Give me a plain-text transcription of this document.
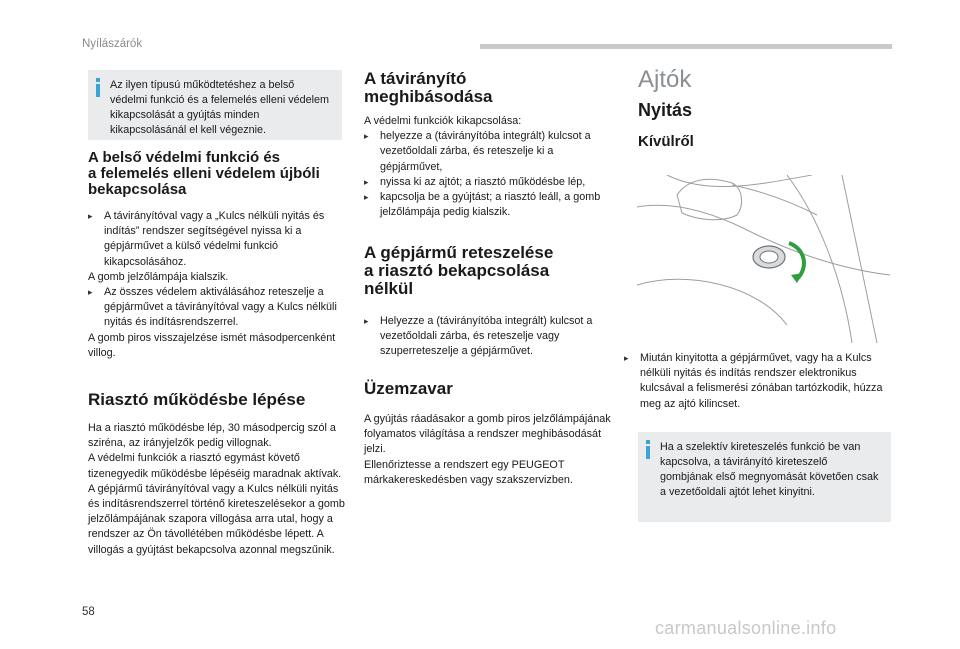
Nyílászárók
Az ilyen típusú működtetéshez a belső védelmi funkció és a felemelés elleni védelem kikapcsolását a gyújtás minden kikapcsolásánál el kell végeznie.
A belső védelmi funkció és
a felemelés elleni védelem újbóli
bekapcsolása
▸ A távirányítóval vagy a „Kulcs nélküli nyitás és indítás” rendszer segítségével nyissa ki a gépjárművet a külső védelmi funkció kikapcsolásához.

A gomb jelzőlámpája kialszik.

▸ Az összes védelem aktiválásához reteszelje a gépjárművet a távirányítóval vagy a Kulcs nélküli nyitás és indításrendszerrel.

A gomb piros visszajelzése ismét másodpercenként villog.

Riasztó működésbe lépése

Ha a riasztó működésbe lép, 30 másodpercig szól a sziréna, az irányjelzők pedig villognak.
A védelmi funkciók a riasztó egymást követő tizenegyedik működésbe lépéséig maradnak aktívak.
A gépjármű távirányítóval vagy a Kulcs nélküli nyitás és indításrendszerrel történő kireteszelésekor a gomb jelzőlámpájának szapora villogása arra utal, hogy a rendszer az Ön távollétében működésbe lépett. A villogás a gyújtást bekapcsolva azonnal megszűnik.

A távirányító
meghibásodása

A védelmi funkciók kikapcsolása:

▸ helyezze a (távirányítóba integrált) kulcsot a vezetőoldali zárba, és reteszelje ki a gépjárművet,
▸ nyissa ki az ajtót; a riasztó működésbe lép,
▸ kapcsolja be a gyújtást; a riasztó leáll, a gomb jelzőlámpája pedig kialszik.
A gépjármű reteszelése
a riasztó bekapcsolása
nélkül
▸ Helyezze a (távirányítóba integrált) kulcsot a vezetőoldali zárba, és reteszelje vagy szuperreteszelje a gépjárművet.
Üzemzavar

A gyújtás ráadásakor a gomb piros jelzőlámpájának folyamatos világítása a rendszer meghibásodását jelzi.
Ellenőriztesse a rendszert egy PEUGEOT márkakereskedésben vagy szakszervizben.

Ajtók
Nyitás
Kívülről
▸ Miután kinyitotta a gépjárművet, vagy ha a Kulcs nélküli nyitás és indítás rendszer elektronikus kulcsával a felismerési zónában tartózkodik, húzza meg az ajtó kilincset.
Ha a szelektív kireteszelés funkció be van kapcsolva, a távirányító kireteszelő gombjának első megnyomását követően csak a vezetőoldali ajtót lehet kinyitni.
58
carmanualsonline.info
